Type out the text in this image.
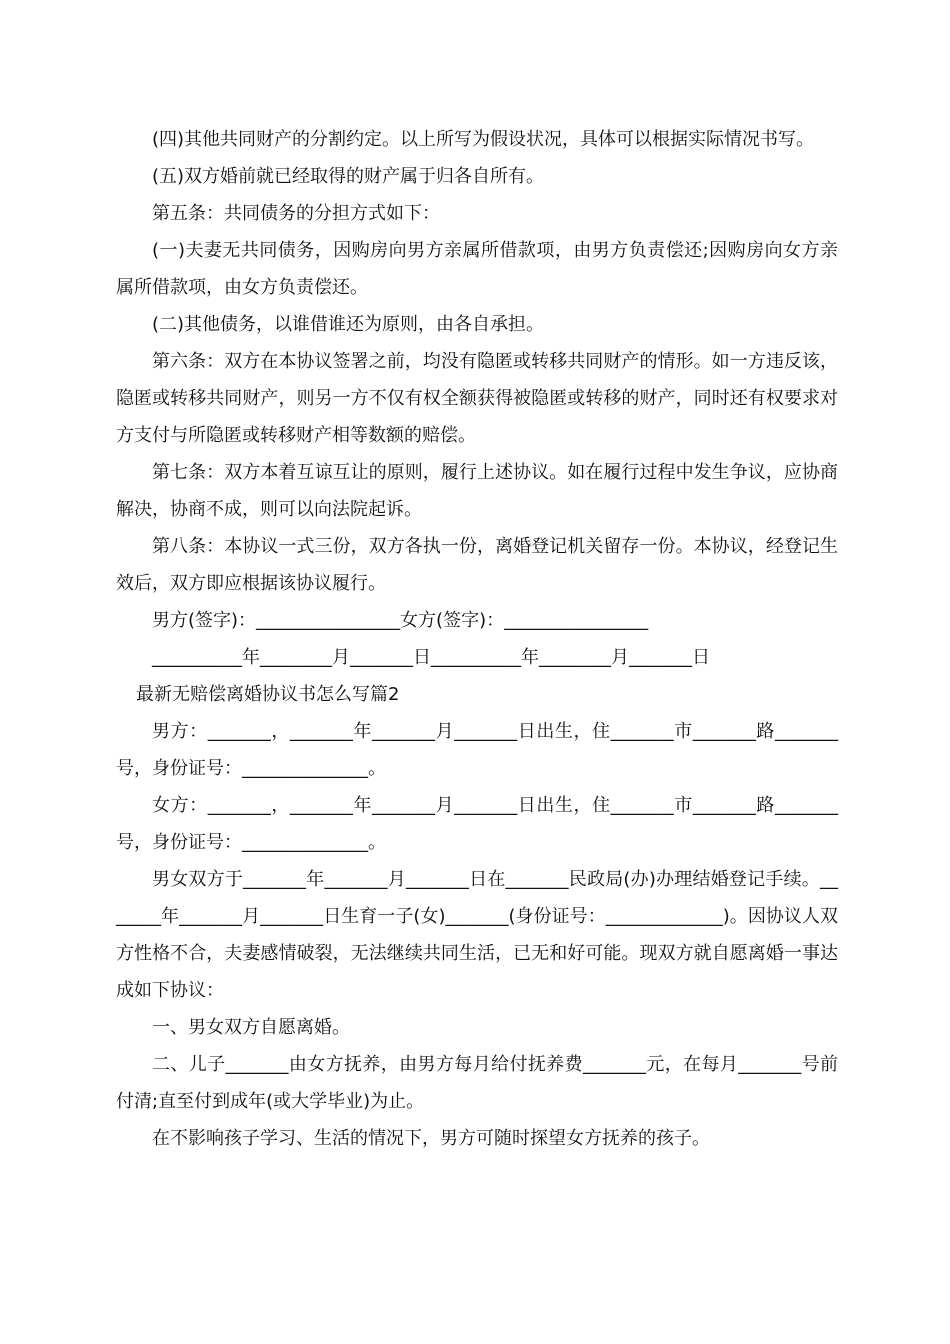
(四)其他共同财产的分割约定。以上所写为假设状况，具体可以根据实际情况书写。

(五)双方婚前就已经取得的财产属于归各自所有。

第五条：共同债务的分担方式如下：

(一)夫妻无共同债务，因购房向男方亲属所借款项，由男方负责偿还;因购房向女方亲属所借款项，由女方负责偿还。

(二)其他债务，以谁借谁还为原则，由各自承担。

第六条：双方在本协议签署之前，均没有隐匿或转移共同财产的情形。如一方违反该，隐匿或转移共同财产，则另一方不仅有权全额获得被隐匿或转移的财产，同时还有权要求对方支付与所隐匿或转移财产相等数额的赔偿。

第七条：双方本着互谅互让的原则，履行上述协议。如在履行过程中发生争议，应协商解决，协商不成，则可以向法院起诉。

第八条：本协议一式三份，双方各执一份，离婚登记机关留存一份。本协议，经登记生效后，双方即应根据该协议履行。

男方(签字)：________________女方(签字)：________________

__________年________月_______日__________年________月_______日

最新无赔偿离婚协议书怎么写篇2

男方：_______，_______年_______月_______日出生，住_______市_______路_______号，身份证号：______________。

女方：_______，_______年_______月_______日出生，住_______市_______路_______号，身份证号：______________。

男女双方于_______年_______月_______日在_______民政局(办)办理结婚登记手续。_______年_______月_______日生育一子(女)_______(身份证号：_____________)。因协议人双方性格不合，夫妻感情破裂，无法继续共同生活，已无和好可能。现双方就自愿离婚一事达成如下协议：

一、男女双方自愿离婚。

二、儿子_______由女方抚养，由男方每月给付抚养费_______元，在每月_______号前付清;直至付到成年(或大学毕业)为止。

在不影响孩子学习、生活的情况下，男方可随时探望女方抚养的孩子。
